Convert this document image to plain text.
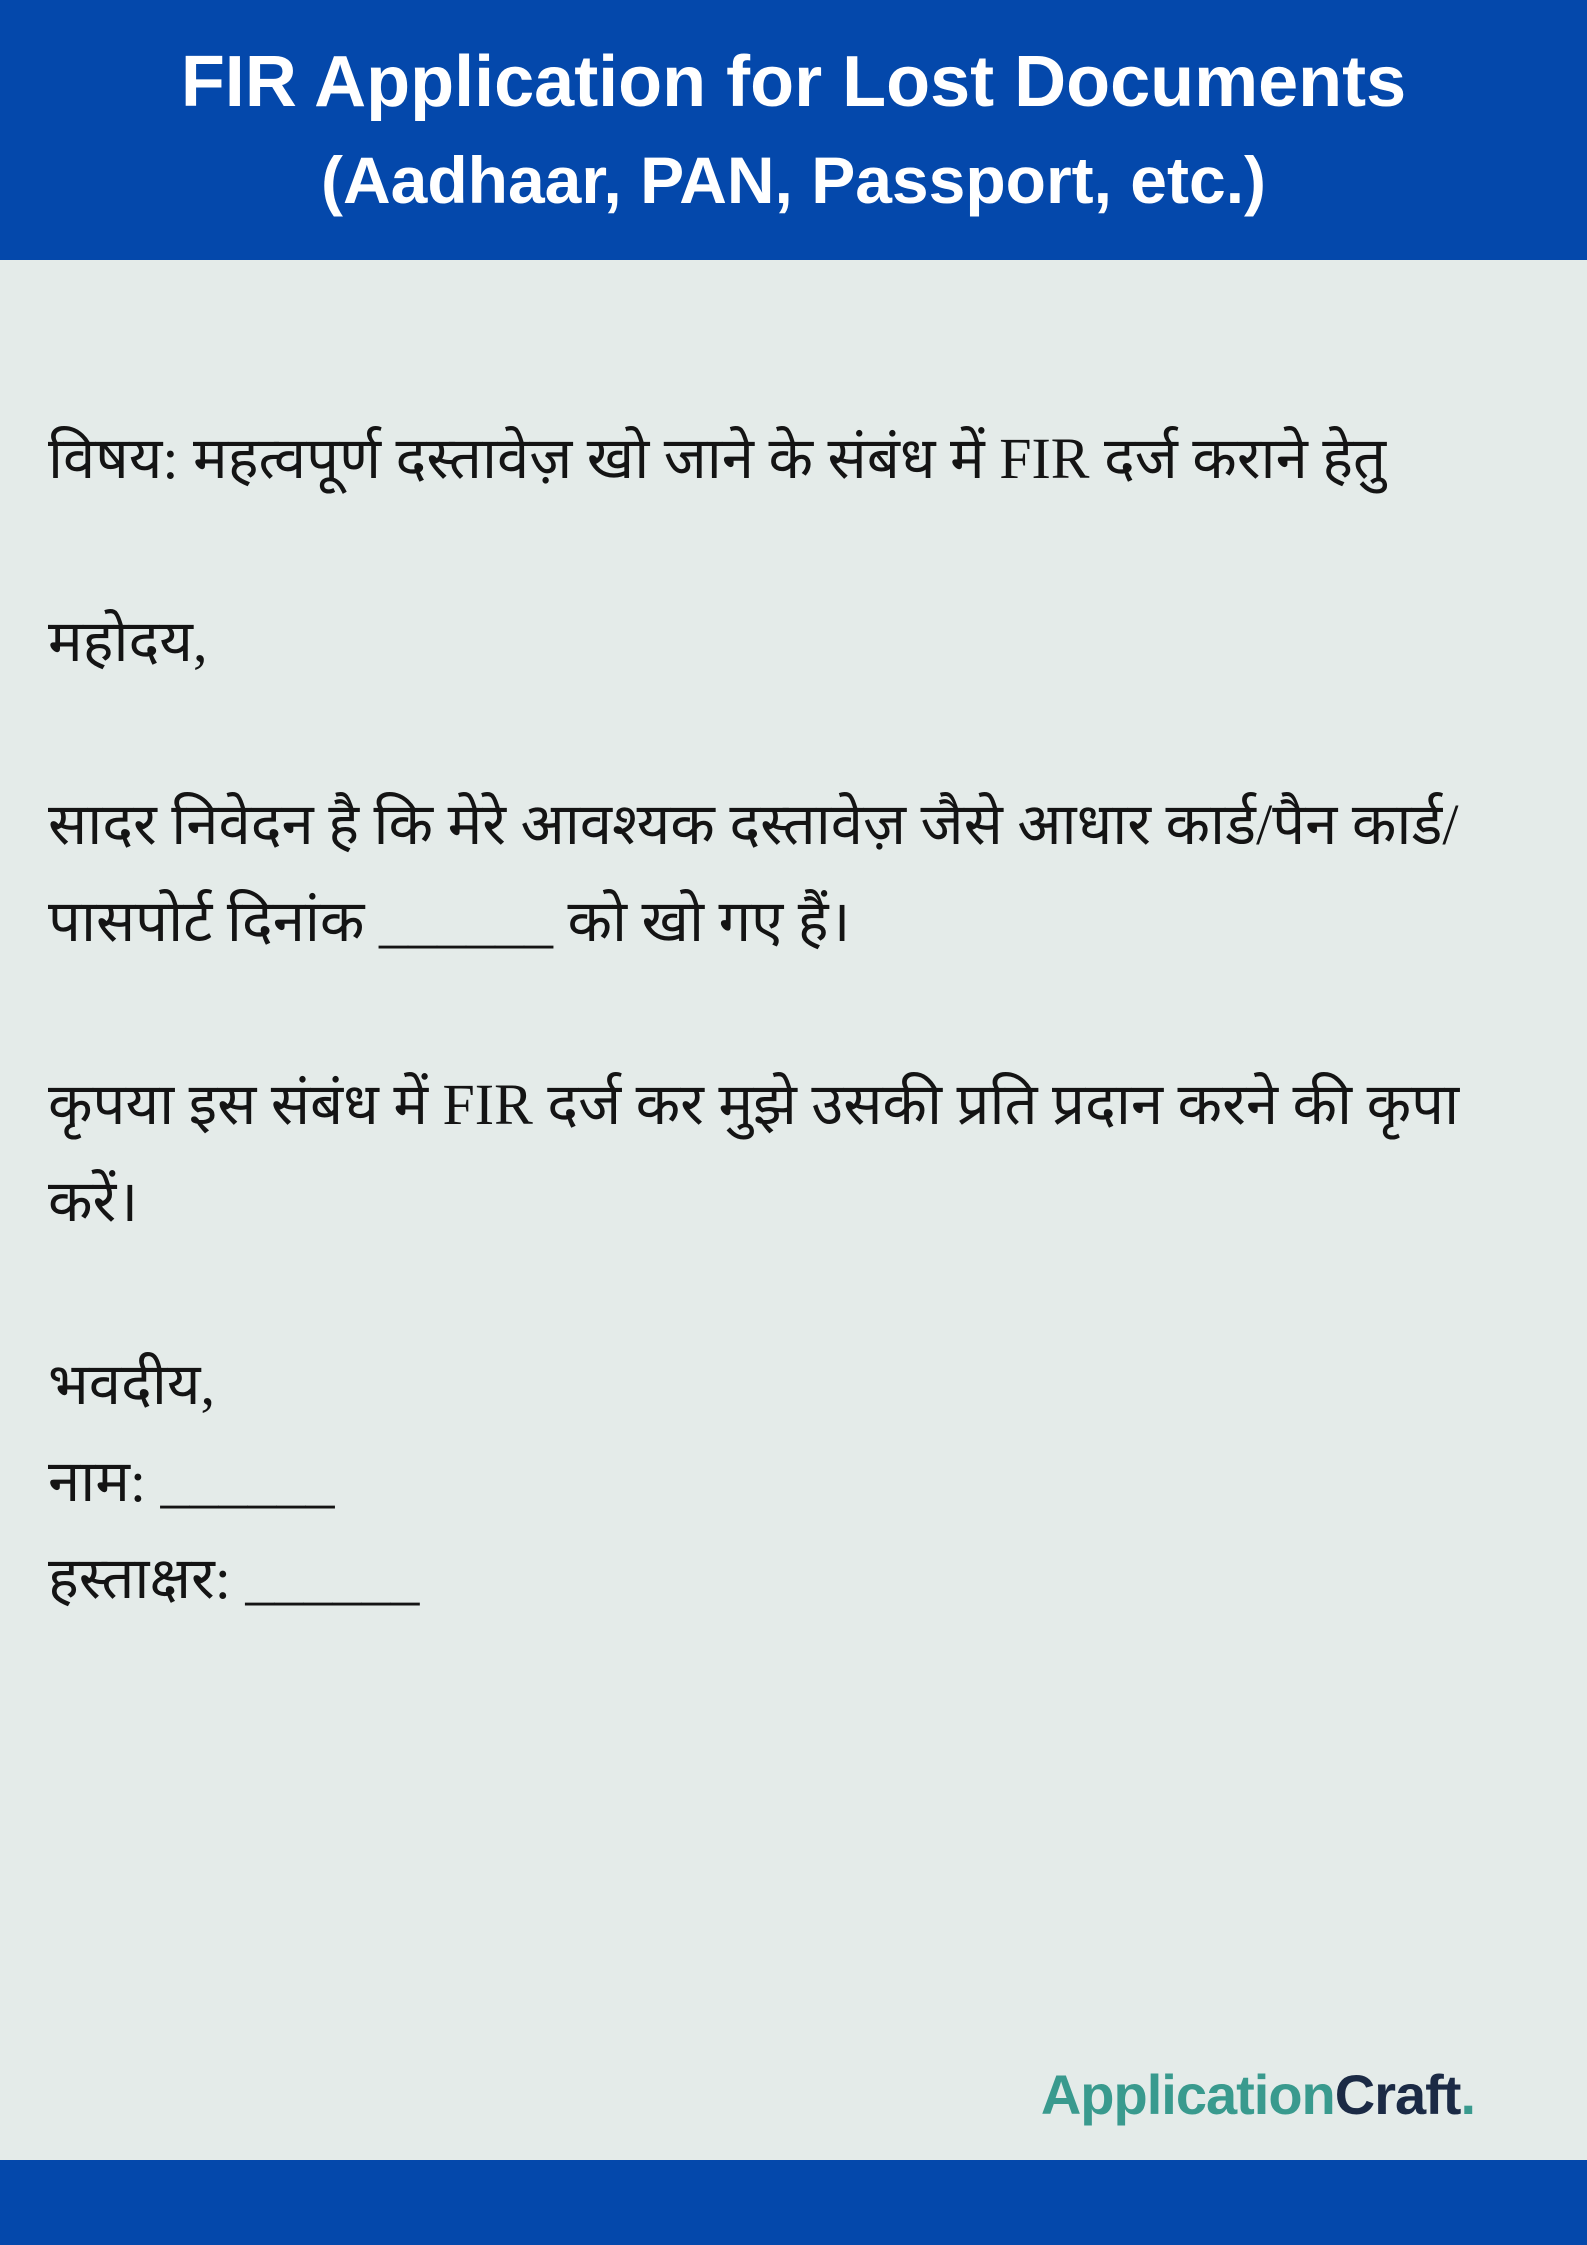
FIR Application for Lost Documents
(Aadhaar, PAN, Passport, etc.)

विषय: महत्वपूर्ण दस्तावेज़ खो जाने के संबंध में FIR दर्ज कराने हेतु

महोदय,

सादर निवेदन है कि मेरे आवश्यक दस्तावेज़ जैसे आधार कार्ड/पैन कार्ड/पासपोर्ट दिनांक ______ को खो गए हैं।

कृपया इस संबंध में FIR दर्ज कर मुझे उसकी प्रति प्रदान करने की कृपा करें।

भवदीय,

नाम: ______

हस्ताक्षर: ______

ApplicationCraft.
